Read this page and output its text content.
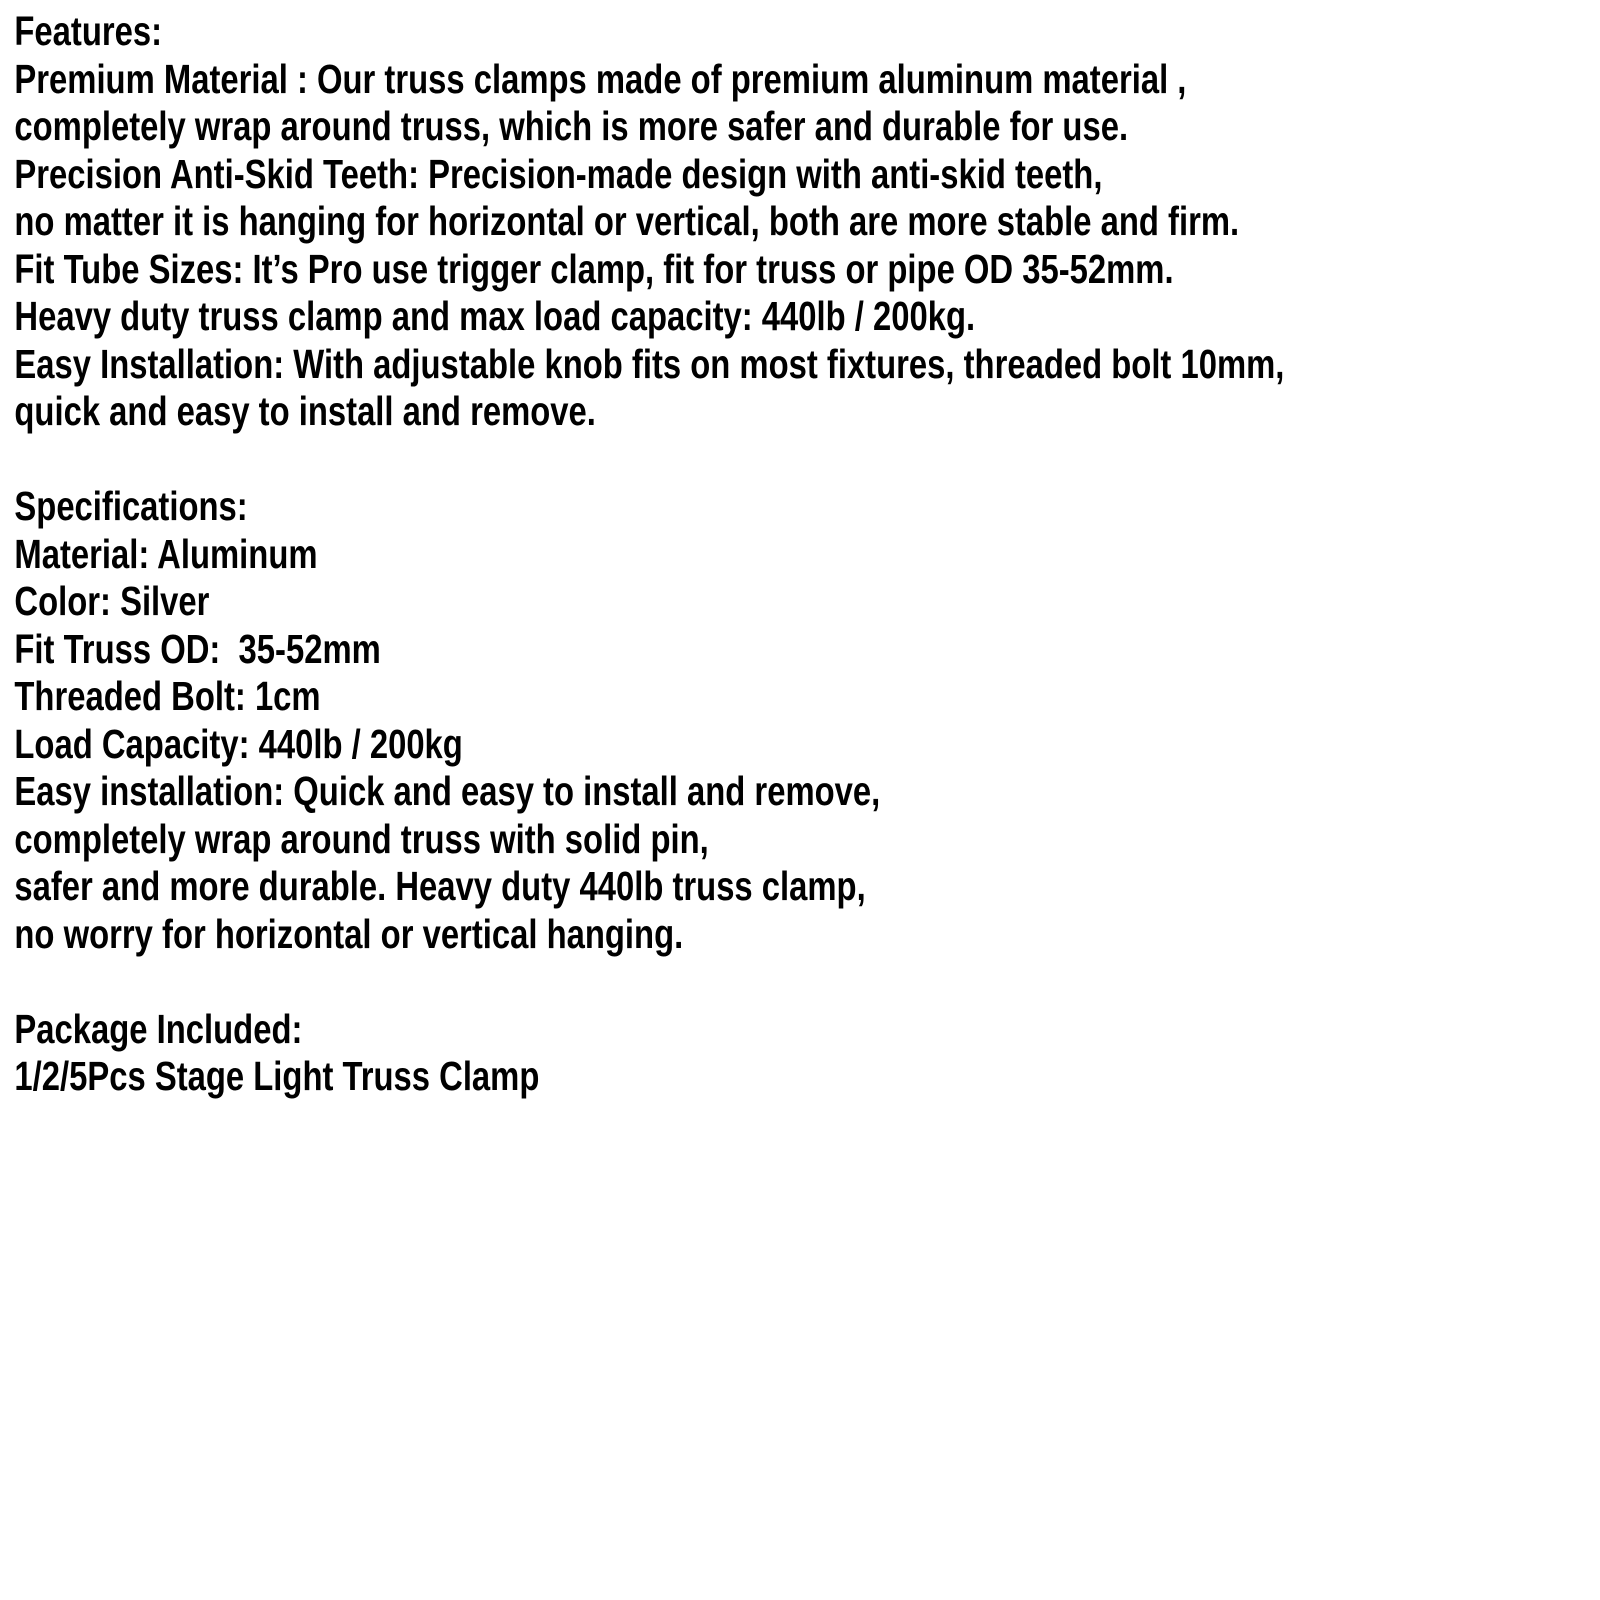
Features:
Premium Material : Our truss clamps made of premium aluminum material ,
completely wrap around truss, which is more safer and durable for use.
Precision Anti-Skid Teeth: Precision-made design with anti-skid teeth,
no matter it is hanging for horizontal or vertical, both are more stable and firm.
Fit Tube Sizes: It’s Pro use trigger clamp, fit for truss or pipe OD 35-52mm.
Heavy duty truss clamp and max load capacity: 440lb / 200kg.
Easy Installation: With adjustable knob fits on most fixtures, threaded bolt 10mm,
quick and easy to install and remove.
Specifications:
Material: Aluminum
Color: Silver
Fit Truss OD:  35-52mm
Threaded Bolt: 1cm
Load Capacity: 440lb / 200kg
Easy installation: Quick and easy to install and remove,
completely wrap around truss with solid pin,
safer and more durable. Heavy duty 440lb truss clamp,
no worry for horizontal or vertical hanging.
Package Included:
1/2/5Pcs Stage Light Truss Clamp
